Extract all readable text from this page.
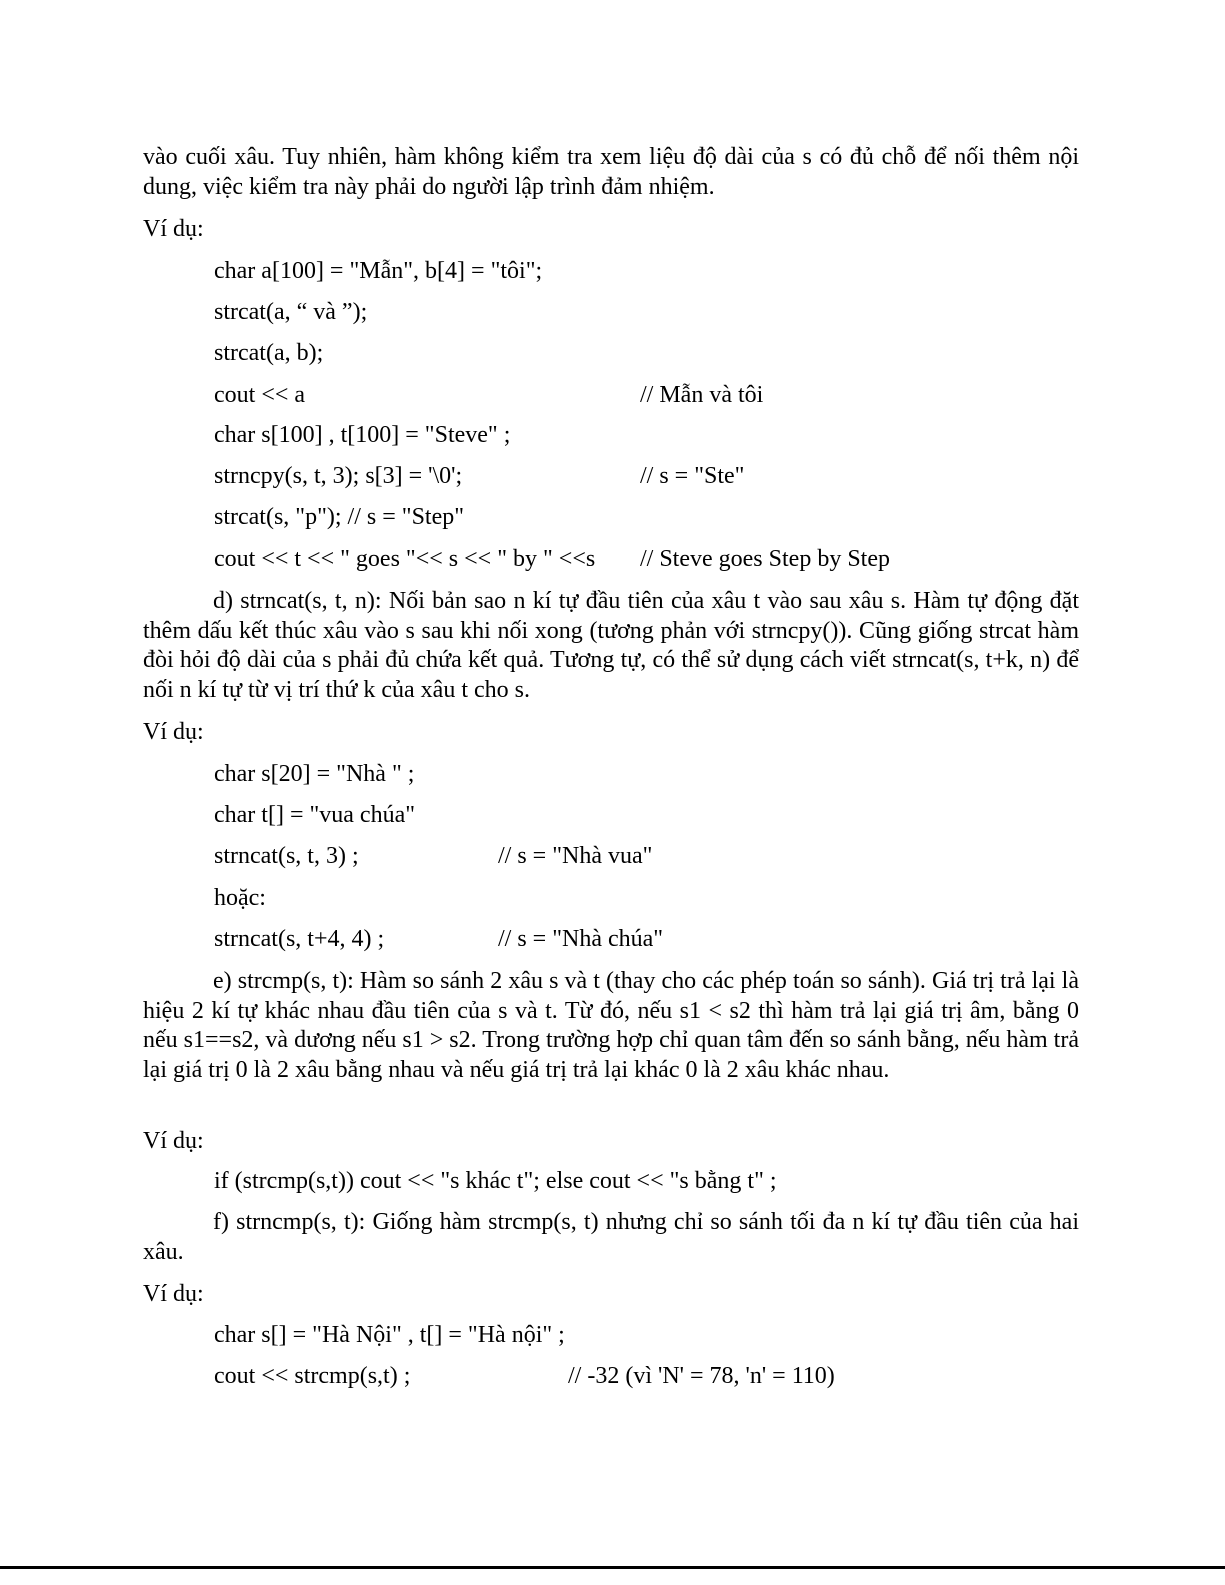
vào cuối xâu. Tuy nhiên, hàm không kiểm tra xem liệu độ dài của s có đủ chỗ để nối thêm nội dung, việc kiểm tra này phải do người lập trình đảm nhiệm.

Ví dụ:

char a[100] = "Mẫn", b[4] = "tôi";

strcat(a, “ và ”);

strcat(a, b);

cout << a	// Mẫn và tôi

char s[100] , t[100] = "Steve" ;

strncpy(s, t, 3); s[3] = '\0';	// s = "Ste"

strcat(s, "p"); // s = "Step"

cout << t << " goes "<< s << " by " <<s // Steve goes Step by Step

d) strncat(s, t, n): Nối bản sao n kí tự đầu tiên của xâu t vào sau xâu s. Hàm tự động đặt thêm dấu kết thúc xâu vào s sau khi nối xong (tương phản với strncpy()). Cũng giống strcat hàm đòi hỏi độ dài của s phải đủ chứa kết quả. Tương tự, có thể sử dụng cách viết strncat(s, t+k, n) để nối n kí tự từ vị trí thứ k của xâu t cho s.

Ví dụ:

char s[20] = "Nhà " ;

char t[] = "vua chúa"

strncat(s, t, 3) ;	// s = "Nhà vua"

hoặc:

strncat(s, t+4, 4) ;	// s = "Nhà chúa"

e) strcmp(s, t): Hàm so sánh 2 xâu s và t (thay cho các phép toán so sánh). Giá trị trả lại là hiệu 2 kí tự khác nhau đầu tiên của s và t. Từ đó, nếu s1 < s2 thì hàm trả lại giá trị âm, bằng 0 nếu s1==s2, và dương nếu s1 > s2. Trong trường hợp chỉ quan tâm đến so sánh bằng, nếu hàm trả lại giá trị 0 là 2 xâu bằng nhau và nếu giá trị trả lại khác 0 là 2 xâu khác nhau.

Ví dụ:

if (strcmp(s,t)) cout << "s khác t"; else cout << "s bằng t" ;

f) strncmp(s, t): Giống hàm strcmp(s, t) nhưng chỉ so sánh tối đa n kí tự đầu tiên của hai xâu.

Ví dụ:

char s[] = "Hà Nội" , t[] = "Hà nội" ;

cout << strcmp(s,t) ;	// -32 (vì 'N' = 78, 'n' = 110)
